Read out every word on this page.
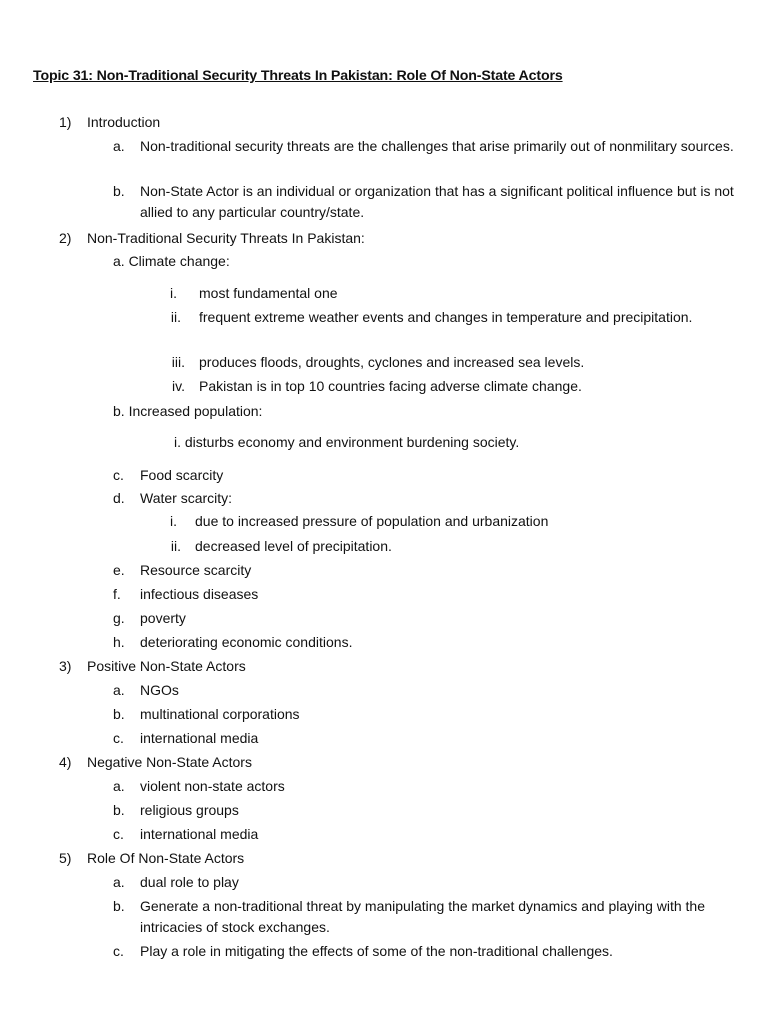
Topic 31: Non-Traditional Security Threats In Pakistan: Role Of Non-State Actors
1) Introduction
a. Non-traditional security threats are the challenges that arise primarily out of nonmilitary sources.
b. Non-State Actor is an individual or organization that has a significant political influence but is not allied to any particular country/state.
2) Non-Traditional Security Threats In Pakistan:
a. Climate change:
i. most fundamental one
ii. frequent extreme weather events and changes in temperature and precipitation.
iii. produces floods, droughts, cyclones and increased sea levels.
iv. Pakistan is in top 10 countries facing adverse climate change.
b. Increased population:
i. disturbs economy and environment burdening society.
c. Food scarcity
d. Water scarcity:
i. due to increased pressure of population and urbanization
ii. decreased level of precipitation.
e. Resource scarcity
f. infectious diseases
g. poverty
h. deteriorating economic conditions.
3) Positive Non-State Actors
a. NGOs
b. multinational corporations
c. international media
4) Negative Non-State Actors
a. violent non-state actors
b. religious groups
c. international media
5) Role Of Non-State Actors
a. dual role to play
b. Generate a non-traditional threat by manipulating the market dynamics and playing with the intricacies of stock exchanges.
c. Play a role in mitigating the effects of some of the non-traditional challenges.
